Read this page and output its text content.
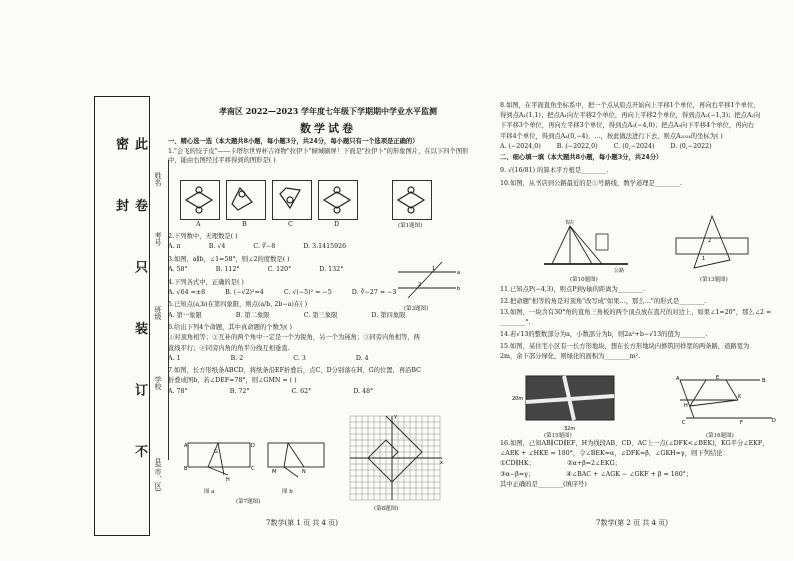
此 卷 只 装 订 不 密 封	姓名
考号
班级
学校
县(市、区)
孝南区 2022—2023 学年度七年级下学期期中学业水平监测
数学试卷

一、精心选一选（本大题共8小题，每小题3分，共24分，每小题只有一个选项是正确的）

1."会飞的饺子皮"——卡塔尔世界杯吉祥物"拉伊卜"倾城刷屏！下面是"拉伊卜"的形象图片，在以下四个图形中，能由右图经过平移得到的图形是( )

A	B	C	D	(第1题图)

2.下列数中，无理数是( )

A. π	B. √4	C. ∛−8	D. 3.1415926

3.如图，a∥b，∠1=58°，则∠2的度数是( )

A. 58°	B. 112°	C. 120°	D. 132°

4.下列各式中，正确的是( )

A. √64 =±8	B. (−√2)²=4	C. √(−5)² = −5	D. ∛−27 = −3

5.已知点(a,b)在第四象限，则点(a/b, 2b−a)在( )

A. 第一象限	B. 第二象限	C. 第三象限	D. 第四象限

6.给出下列4个命题，其中真命题的个数为( )

①对顶角相等；②互补的两个角中一定是一个为锐角，另一个为钝角；③同旁内角相等，两

直线平行；④同旁内角的角平分线互相垂直.

A. 1	B. 2	C. 3	D. 4

7.如图，长方形纸条ABCD，将纸条沿EF折叠后，点C、D分别落在H、G的位置，再沿BC

折叠成图b，若∠DEF=78°，则∠GMN = ( )

A. 78°	B. 72°	C. 62°	D. 48°

a
b
1
2
(第3题图)
A
B
D
C
G
H
M	N
图 a	图 b
(第7题图)
x
y
(第8题图)
7数学(第 1 页 共 4 页)

8.如图，在平面直角坐标系中，把一个点从原点开始向上平移1个单位，再向右平移1个单位，

得到点A₁(1,1)；把点A₁向左平移2个单位，再向上平移2个单位，得到点A₂(−1,3)；把点A₂向

下平移3个单位，再向左平移3个单位，得到点A₃(−4,0)；把点A₃向下平移4个单位，再向右

平移4个单位，得到点A₄(0,−4)，…，按此做法进行下去，则点A₂₀₂₄的坐标为( )

A. (−2024,0)	B. (−2022,0)	C. (0,−2024)	D. (0,−2022)

二、细心填一填（本大题共8小题，每小题3分，共24分）

9. √(16/81) 的算术平方根是________.

10.如图，从书店到公路最近的是①号路线，数学道理是________.

书店
公路
(第10题图)
2
1
(第13题图)

11.已知点P(−4,3)，则点P到y轴的距离为________.

12.把命题"相等的角是对顶角"改写成"如果…，那么…"的形式是________.

13.如图，一块含有30°角的直角三角板的两个顶点放在直尺的对边上，如果∠1=20°，那么∠2 =

________°.

14.若√13的整数部分为a，小数部分为b，则2a²+b−√13的值为________.

15.如图，某住宅小区有一长方形地块，想在长方形地块内修筑同样宽的两条路，道路宽为

2m，余下部分绿化，则绿化的面积为________m².

20m
32m
(第15题图)
A	E	B
H
K
C	D
F
(第16题图)

16.如图，已知AB∥CD∥EF，H为线段AB、CD、AC上一点(∠DFK<∠BEK)，KG平分∠EKF，

∠AEK + ∠HKE = 180°，令∠BEK=α，∠DFK=β，∠GKH=γ，则下列结论：

①CD∥HK；                ②α+β=2∠EKG；

③α−β=γ；                ④∠BAC + ∠AGK − ∠GKF + β = 180°；

其中正确的是________(填序号)

7数学(第 2 页 共 4 页)
